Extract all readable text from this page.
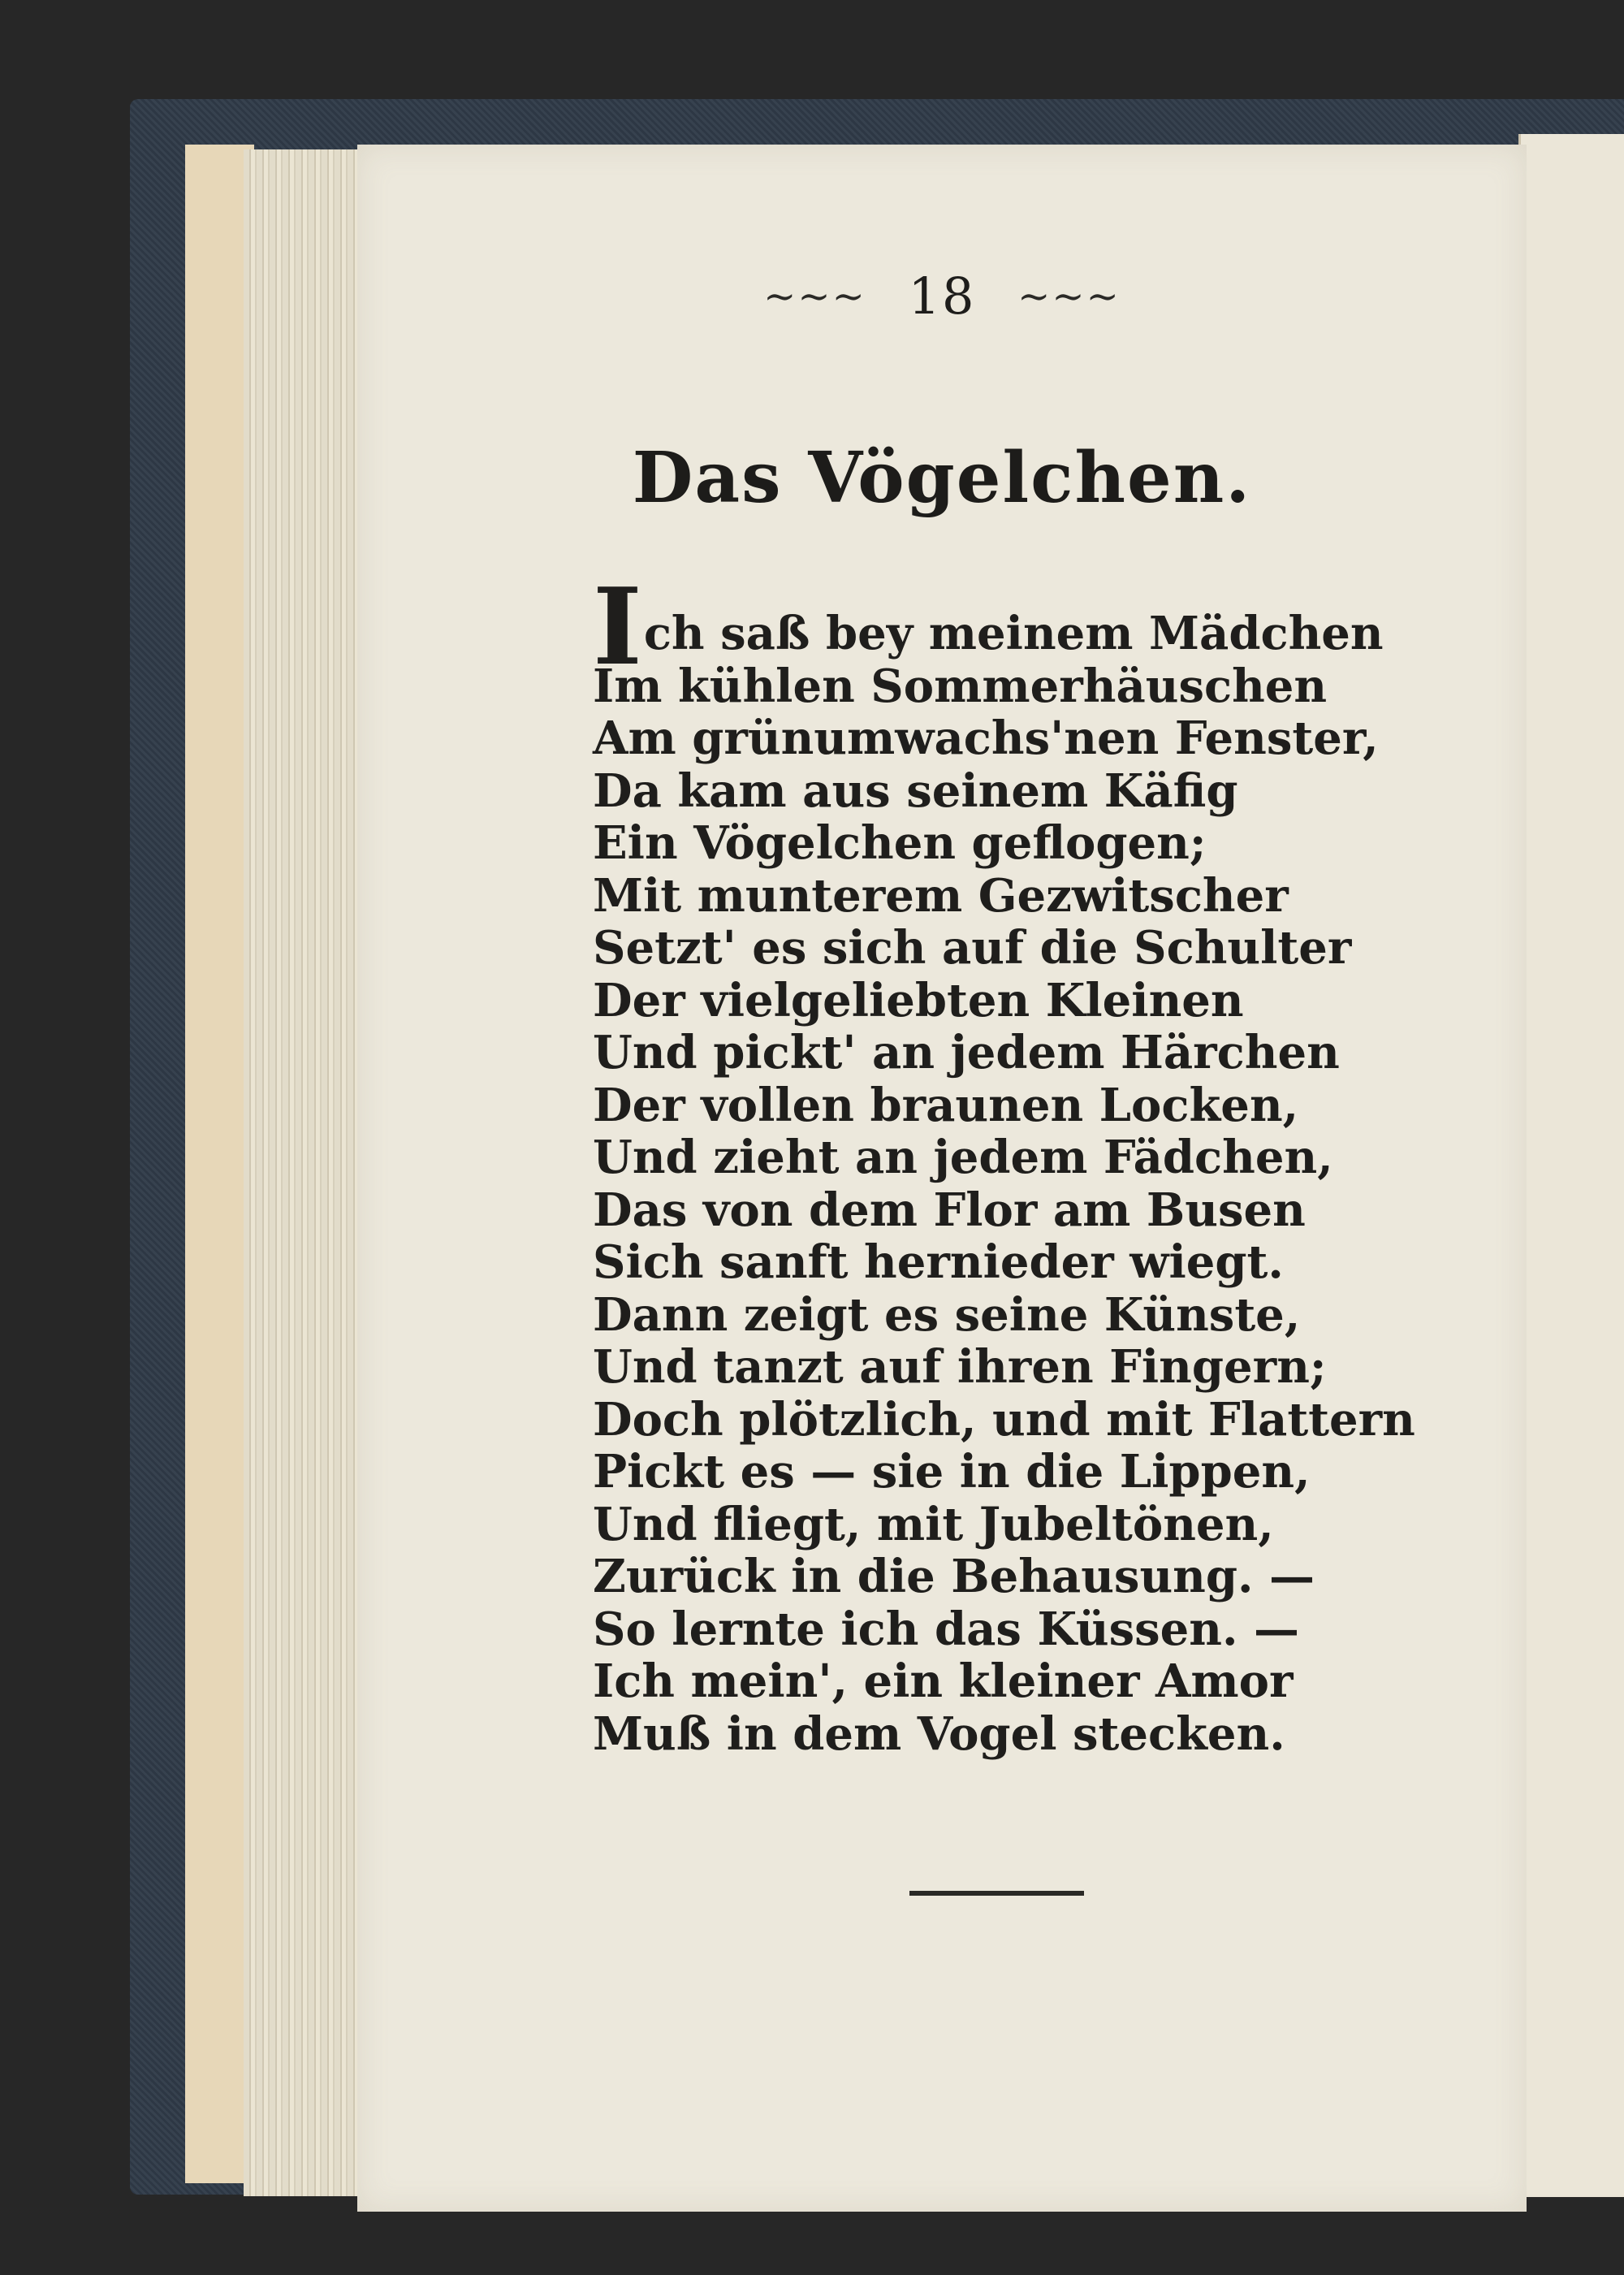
∼∼∼ 18 ∼∼∼
Das Vögelchen.
Ich saß bey meinem Mädchen
Im kühlen Sommerhäuschen
Am grünumwachs'nen Fenster,
Da kam aus seinem Käfig
Ein Vögelchen geflogen;
Mit munterem Gezwitscher
Setzt' es sich auf die Schulter
Der vielgeliebten Kleinen
Und pickt' an jedem Härchen
Der vollen braunen Locken,
Und zieht an jedem Fädchen,
Das von dem Flor am Busen
Sich sanft hernieder wiegt.
Dann zeigt es seine Künste,
Und tanzt auf ihren Fingern;
Doch plötzlich, und mit Flattern
Pickt es — sie in die Lippen,
Und fliegt, mit Jubeltönen,
Zurück in die Behausung. —
So lernte ich das Küssen. —
Ich mein', ein kleiner Amor
Muß in dem Vogel stecken.
